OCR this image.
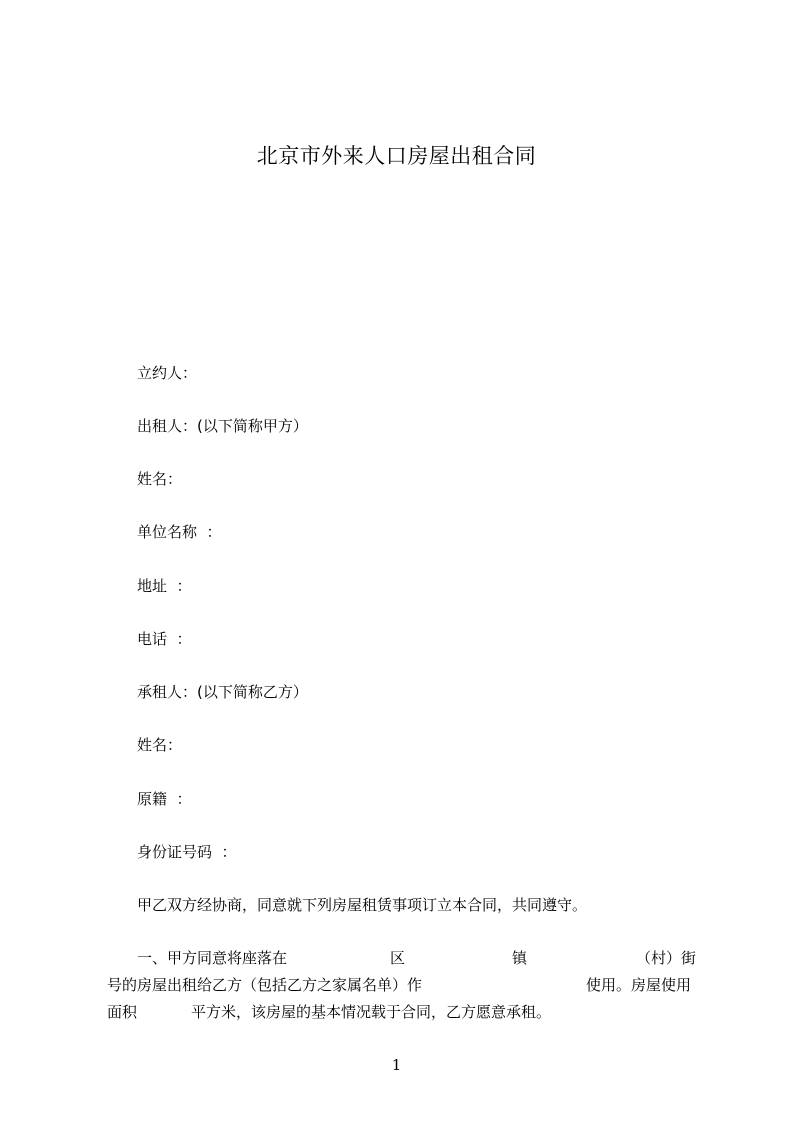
北京市外来人口房屋出租合同
立约人：
出租人：(以下简称甲方）
姓名：
单位名称  ：
地址  ：
电话  ：
承租人：(以下简称乙方）
姓名：
原籍  ：
身份证号码  ：
甲乙双方经协商，同意就下列房屋租赁事项订立本合同，共同遵守。
一、甲方同意将座落在	区	镇	（村）街
号的房屋出租给乙方（包括乙方之家属名单）作	使用。房屋使用
面积	平方米，该房屋的基本情况载于合同，乙方愿意承租。
1
